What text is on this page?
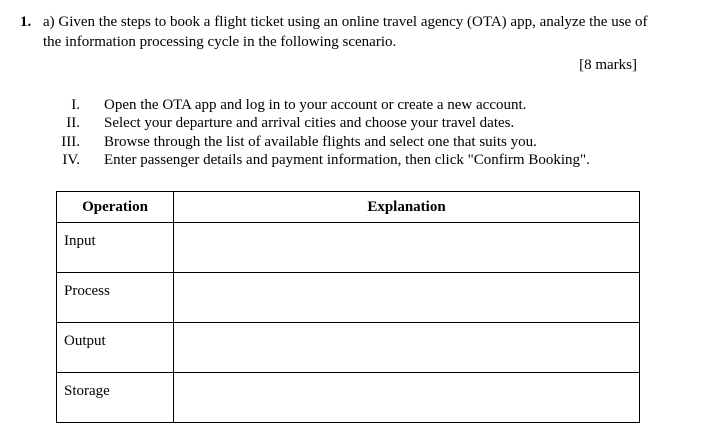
1. a) Given the steps to book a flight ticket using an online travel agency (OTA) app, analyze the use of the information processing cycle in the following scenario.
[8 marks]
I. Open the OTA app and log in to your account or create a new account.
II. Select your departure and arrival cities and choose your travel dates.
III. Browse through the list of available flights and select one that suits you.
IV. Enter passenger details and payment information, then click "Confirm Booking".
Operation	Explanation

Input	

Process	

Output	

Storage	
